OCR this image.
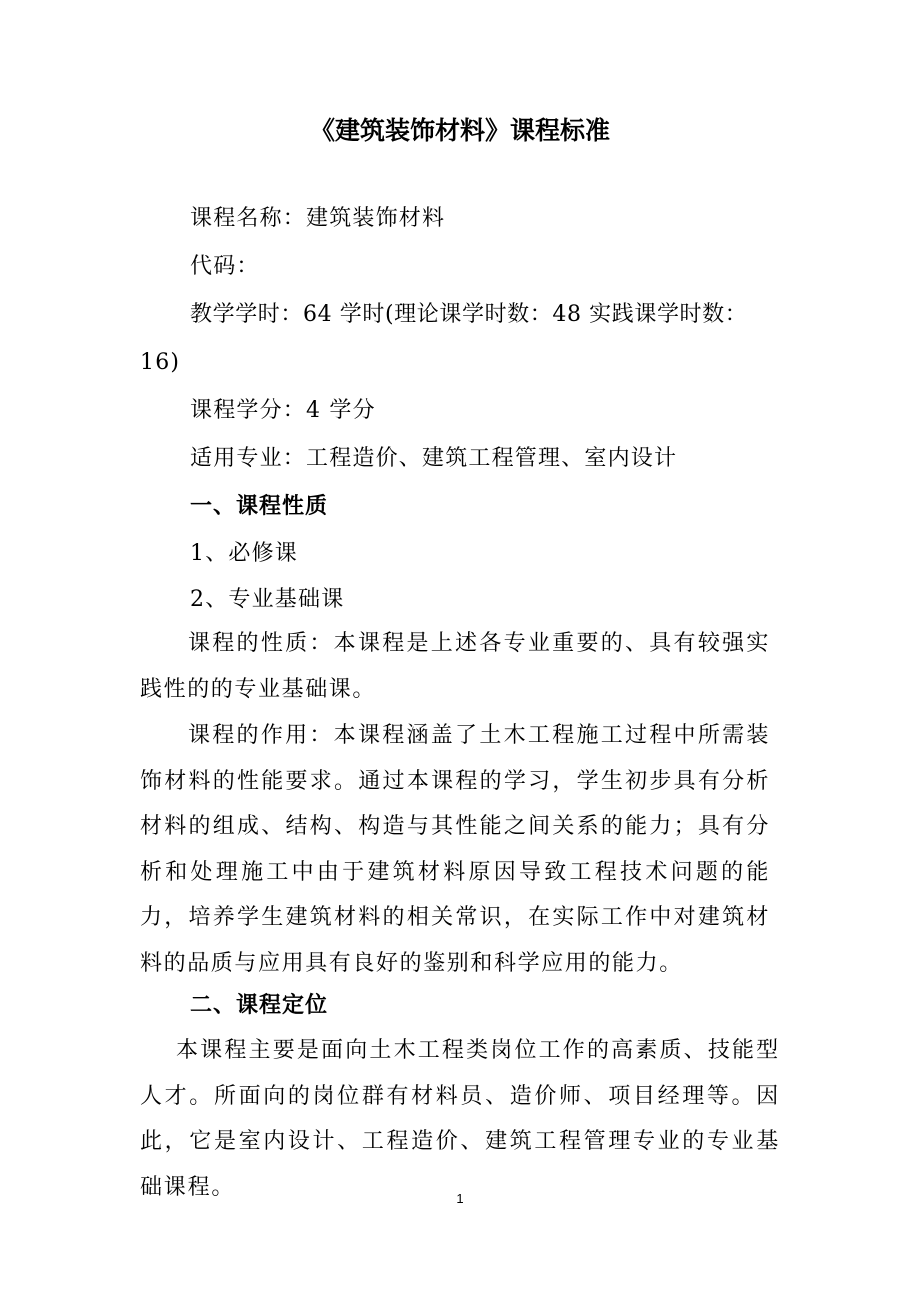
《建筑装饰材料》课程标准

课程名称：建筑装饰材料

代码：

教学学时：64 学时(理论课学时数：48 实践课学时数：

16)

课程学分：4 学分

适用专业：工程造价、建筑工程管理、室内设计

一、课程性质

1、必修课

2、专业基础课

课程的性质：本课程是上述各专业重要的、具有较强实践性的的专业基础课。

课程的作用：本课程涵盖了土木工程施工过程中所需装饰材料的性能要求。通过本课程的学习，学生初步具有分析材料的组成、结构、构造与其性能之间关系的能力；具有分析和处理施工中由于建筑材料原因导致工程技术问题的能力，培养学生建筑材料的相关常识，在实际工作中对建筑材料的品质与应用具有良好的鉴别和科学应用的能力。

二、课程定位

本课程主要是面向土木工程类岗位工作的高素质、技能型人才。所面向的岗位群有材料员、造价师、项目经理等。因此，它是室内设计、工程造价、建筑工程管理专业的专业基础课程。	1
